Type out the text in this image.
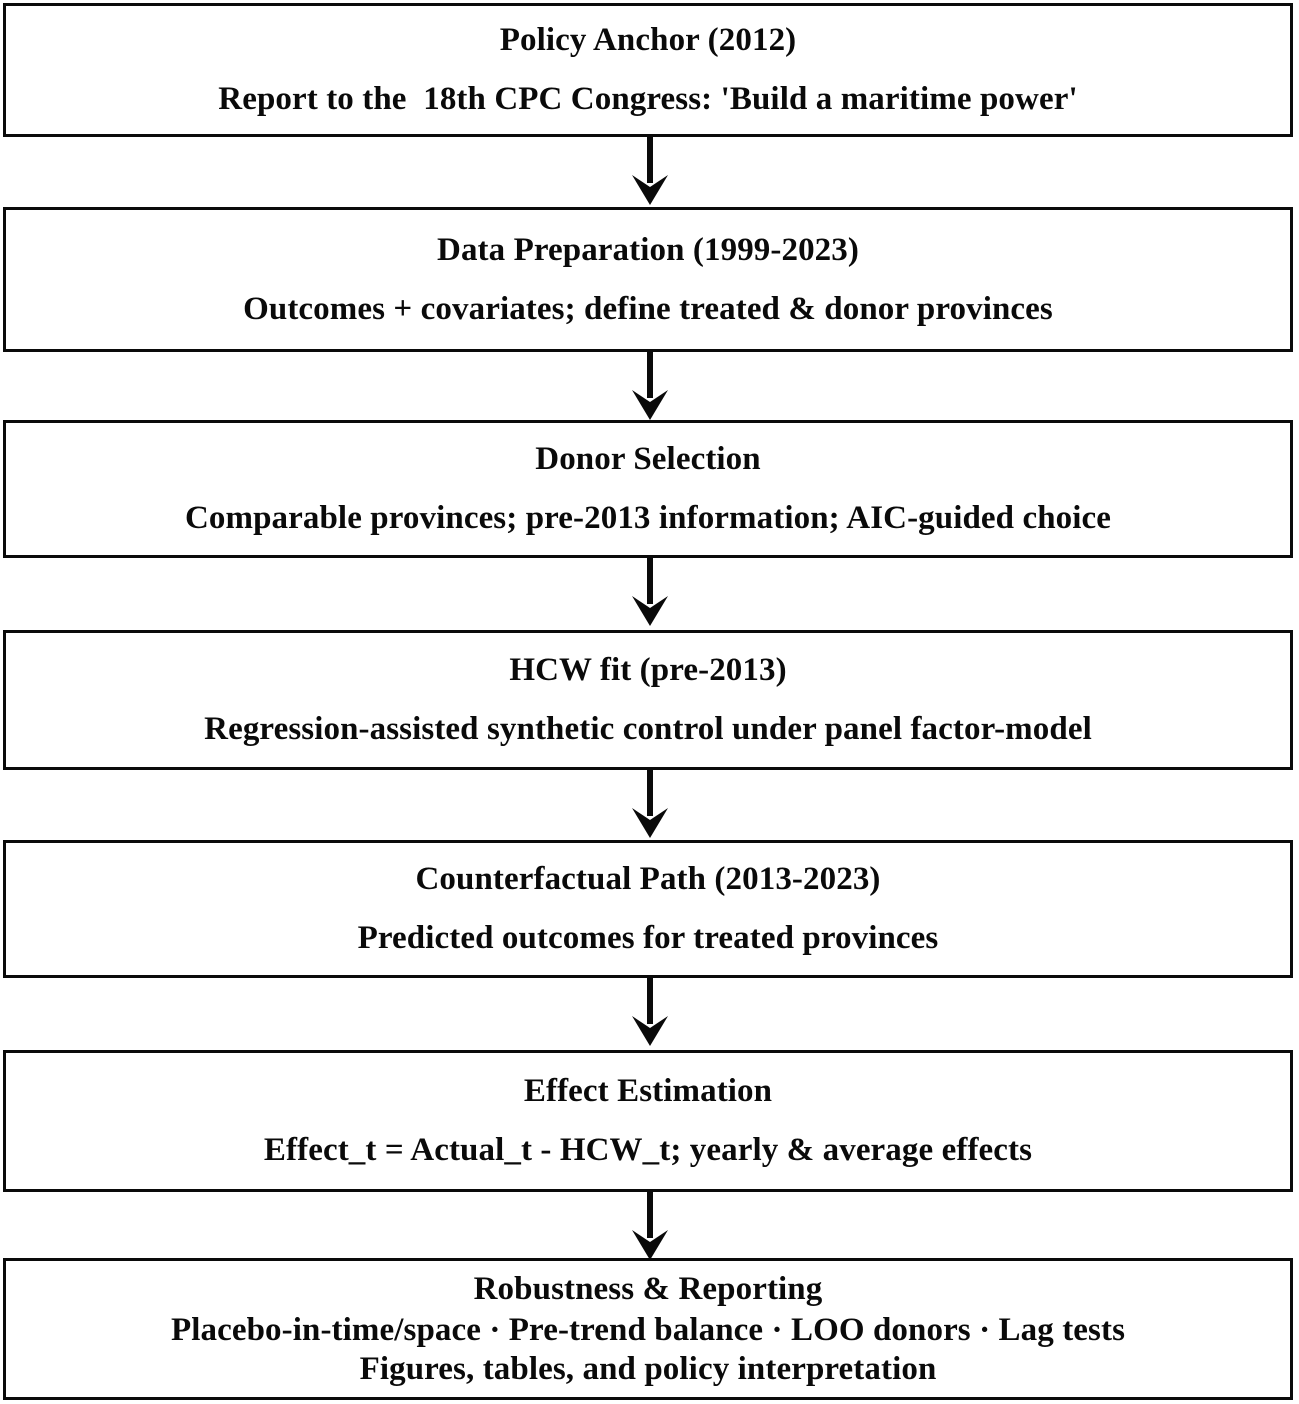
Policy Anchor (2012)
Report to the  18th CPC Congress: 'Build a maritime power'
Data Preparation (1999-2023)
Outcomes + covariates; define treated & donor provinces
Donor Selection
Comparable provinces; pre-2013 information; AIC-guided choice
HCW fit (pre-2013)
Regression-assisted synthetic control under panel factor-model
Counterfactual Path (2013-2023)
Predicted outcomes for treated provinces
Effect Estimation
Effect_t = Actual_t - HCW_t; yearly & average effects
Robustness & Reporting
Placebo-in-time/space · Pre-trend balance · LOO donors · Lag tests
Figures, tables, and policy interpretation
